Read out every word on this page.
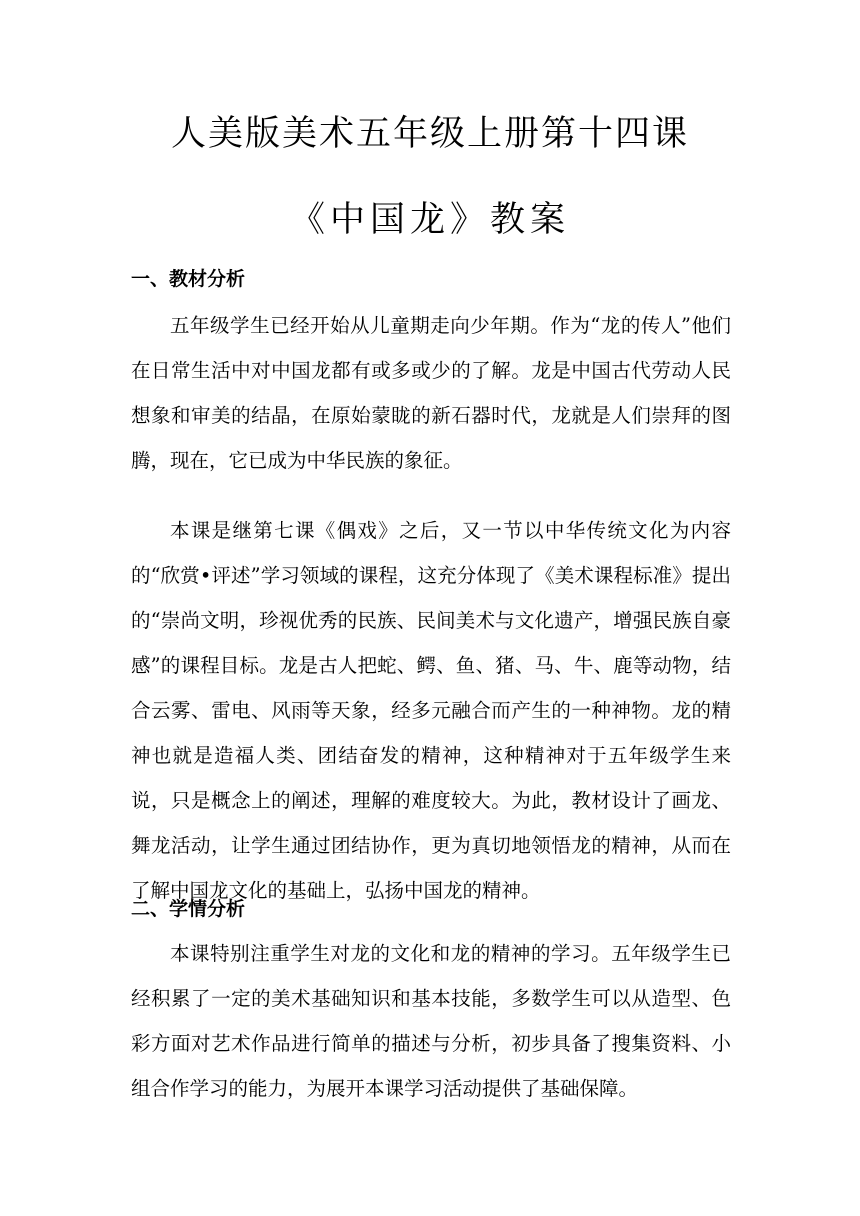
人美版美术五年级上册第十四课
《中国龙》教案
一、教材分析

五年级学生已经开始从儿童期走向少年期。作为“龙的传人”他们在日常生活中对中国龙都有或多或少的了解。龙是中国古代劳动人民想象和审美的结晶，在原始蒙眬的新石器时代，龙就是人们崇拜的图腾，现在，它已成为中华民族的象征。

本课是继第七课《偶戏》之后，又一节以中华传统文化为内容的“欣赏•评述”学习领域的课程，这充分体现了《美术课程标准》提出的“崇尚文明，珍视优秀的民族、民间美术与文化遗产，增强民族自豪感”的课程目标。龙是古人把蛇、鳄、鱼、猪、马、牛、鹿等动物，结合云雾、雷电、风雨等天象，经多元融合而产生的一种神物。龙的精神也就是造福人类、团结奋发的精神，这种精神对于五年级学生来说，只是概念上的阐述，理解的难度较大。为此，教材设计了画龙、舞龙活动，让学生通过团结协作，更为真切地领悟龙的精神，从而在了解中国龙文化的基础上，弘扬中国龙的精神。

二、学情分析

本课特别注重学生对龙的文化和龙的精神的学习。五年级学生已经积累了一定的美术基础知识和基本技能，多数学生可以从造型、色彩方面对艺术作品进行简单的描述与分析，初步具备了搜集资料、小组合作学习的能力，为展开本课学习活动提供了基础保障。
